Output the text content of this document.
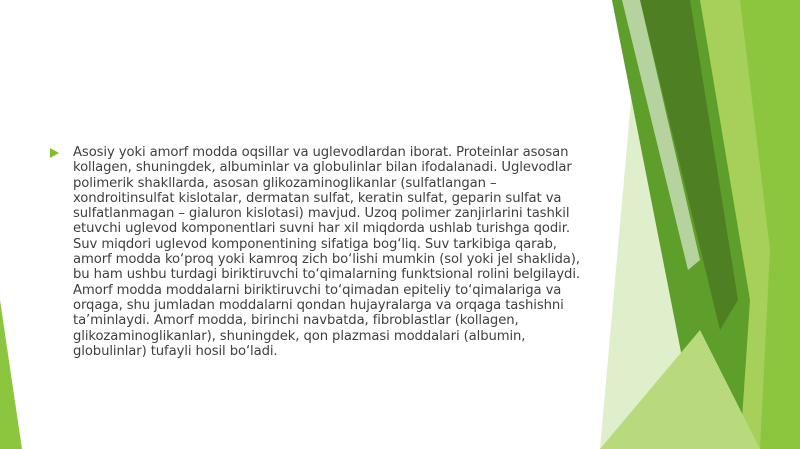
Asosiy yoki amorf modda oqsillar va uglevodlardan iborat. Proteinlar asosan kollagen, shuningdek, albuminlar va globulinlar bilan ifodalanadi. Uglevodlar polimerik shakllarda, asosan glikozaminoglikanlar (sulfatlangan – xondroitinsulfat kislotalar, dermatan sulfat, keratin sulfat, geparin sulfat va sulfatlanmagan – gialuron kislotasi) mavjud. Uzoq polimer zanjirlarini tashkil etuvchi uglevod komponentlari suvni har xil miqdorda ushlab turishga qodir. Suv miqdori uglevod komponentining sifatiga bog‘liq. Suv tarkibiga qarab, amorf modda ko‘proq yoki kamroq zich bo‘lishi mumkin (sol yoki jel shaklida), bu ham ushbu turdagi biriktiruvchi to‘qimalarning funktsional rolini belgilaydi. Amorf modda moddalarni biriktiruvchi to‘qimadan epiteliy to‘qimalariga va orqaga, shu jumladan moddalarni qondan hujayralarga va orqaga tashishni ta’minlaydi. Amorf modda, birinchi navbatda, fibroblastlar (kollagen, glikozaminoglikanlar), shuningdek, qon plazmasi moddalari (albumin, globulinlar) tufayli hosil bo‘ladi.
